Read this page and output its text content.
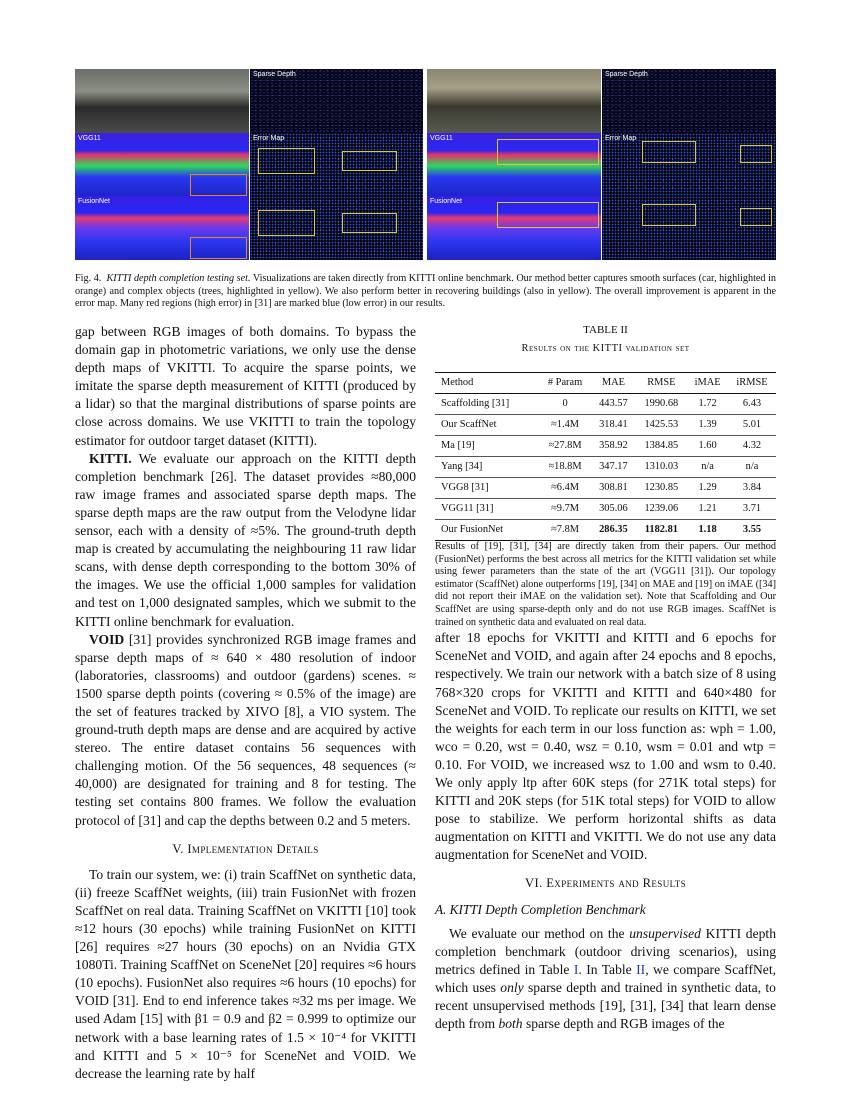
Sparse Depth
VGG11	Error Map
FusionNet
Sparse Depth
VGG11	Error Map
FusionNet

Fig. 4. KITTI depth completion testing set. Visualizations are taken directly from KITTI online benchmark. Our method better captures smooth surfaces (car, highlighted in orange) and complex objects (trees, highlighted in yellow). We also perform better in recovering buildings (also in yellow). The overall improvement is apparent in the error map. Many red regions (high error) in [31] are marked blue (low error) in our results.

gap between RGB images of both domains. To bypass the domain gap in photometric variations, we only use the dense depth maps of VKITTI. To acquire the sparse points, we imitate the sparse depth measurement of KITTI (produced by a lidar) so that the marginal distributions of sparse points are close across domains. We use VKITTI to train the topology estimator for outdoor target dataset (KITTI).

KITTI. We evaluate our approach on the KITTI depth completion benchmark [26]. The dataset provides ≈80,000 raw image frames and associated sparse depth maps. The sparse depth maps are the raw output from the Velodyne lidar sensor, each with a density of ≈5%. The ground-truth depth map is created by accumulating the neighbouring 11 raw lidar scans, with dense depth corresponding to the bottom 30% of the images. We use the official 1,000 samples for validation and test on 1,000 designated samples, which we submit to the KITTI online benchmark for evaluation.

VOID [31] provides synchronized RGB image frames and sparse depth maps of ≈ 640 × 480 resolution of indoor (laboratories, classrooms) and outdoor (gardens) scenes. ≈ 1500 sparse depth points (covering ≈ 0.5% of the image) are the set of features tracked by XIVO [8], a VIO system. The ground-truth depth maps are dense and are acquired by active stereo. The entire dataset contains 56 sequences with challenging motion. Of the 56 sequences, 48 sequences (≈ 40,000) are designated for training and 8 for testing. The testing set contains 800 frames. We follow the evaluation protocol of [31] and cap the depths between 0.2 and 5 meters.

V. Implementation Details

To train our system, we: (i) train ScaffNet on synthetic data, (ii) freeze ScaffNet weights, (iii) train FusionNet with frozen ScaffNet on real data. Training ScaffNet on VKITTI [10] took ≈12 hours (30 epochs) while training FusionNet on KITTI [26] requires ≈27 hours (30 epochs) on an Nvidia GTX 1080Ti. Training ScaffNet on SceneNet [20] requires ≈6 hours (10 epochs). FusionNet also requires ≈6 hours (10 epochs) for VOID [31]. End to end inference takes ≈32 ms per image. We used Adam [15] with β1 = 0.9 and β2 = 0.999 to optimize our network with a base learning rates of 1.5 × 10⁻⁴ for VKITTI and KITTI and 5 × 10⁻⁵ for SceneNet and VOID. We decrease the learning rate by half

TABLE II
Results on the KITTI validation set
Method	# Param	MAE	RMSE	iMAE	iRMSE
Scaffolding [31]	0	443.57	1990.68	1.72	6.43
Our ScaffNet	≈1.4M	318.41	1425.53	1.39	5.01
Ma [19]	≈27.8M	358.92	1384.85	1.60	4.32
Yang [34]	≈18.8M	347.17	1310.03	n/a	n/a
VGG8 [31]	≈6.4M	308.81	1230.85	1.29	3.84
VGG11 [31]	≈9.7M	305.06	1239.06	1.21	3.71
Our FusionNet	≈7.8M	286.35	1182.81	1.18	3.55

Results of [19], [31], [34] are directly taken from their papers. Our method (FusionNet) performs the best across all metrics for the KITTI validation set while using fewer parameters than the state of the art (VGG11 [31]). Our topology estimator (ScaffNet) alone outperforms [19], [34] on MAE and [19] on iMAE ([34] did not report their iMAE on the validation set). Note that Scaffolding and Our ScaffNet are using sparse-depth only and do not use RGB images. ScaffNet is trained on synthetic data and evaluated on real data.

after 18 epochs for VKITTI and KITTI and 6 epochs for SceneNet and VOID, and again after 24 epochs and 8 epochs, respectively. We train our network with a batch size of 8 using 768×320 crops for VKITTI and KITTI and 640×480 for SceneNet and VOID. To replicate our results on KITTI, we set the weights for each term in our loss function as: wph = 1.00, wco = 0.20, wst = 0.40, wsz = 0.10, wsm = 0.01 and wtp = 0.10. For VOID, we increased wsz to 1.00 and wsm to 0.40. We only apply ltp after 60K steps (for 271K total steps) for KITTI and 20K steps (for 51K total steps) for VOID to allow pose to stabilize. We perform horizontal shifts as data augmentation on KITTI and VKITTI. We do not use any data augmentation for SceneNet and VOID.

VI. Experiments and Results
A. KITTI Depth Completion Benchmark

We evaluate our method on the unsupervised KITTI depth completion benchmark (outdoor driving scenarios), using metrics defined in Table I. In Table II, we compare ScaffNet, which uses only sparse depth and trained in synthetic data, to recent unsupervised methods [19], [31], [34] that learn dense depth from both sparse depth and RGB images of the
